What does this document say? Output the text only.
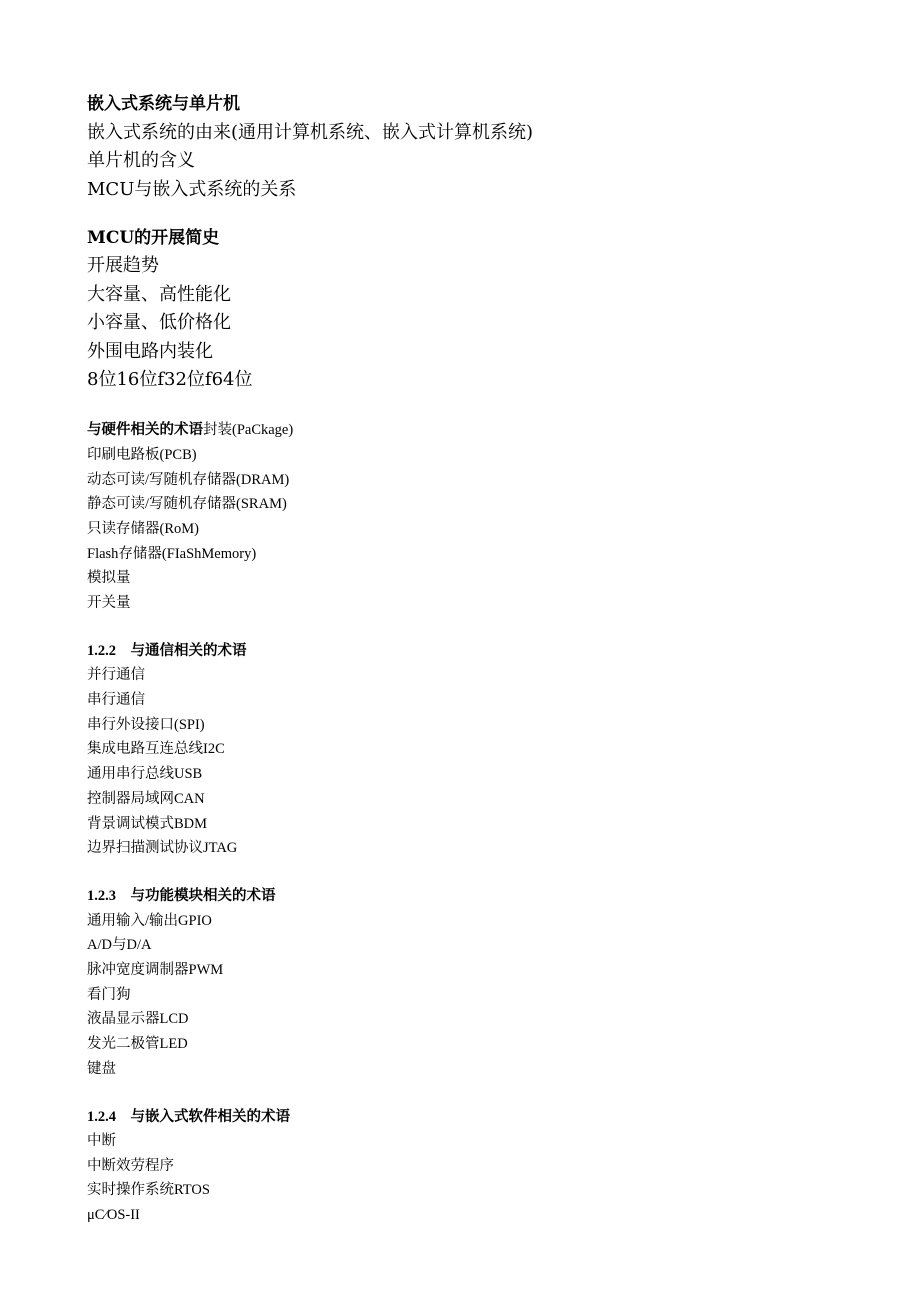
嵌入式系统与单片机

嵌入式系统的由来(通用计算机系统、嵌入式计算机系统)

单片机的含义

MCU与嵌入式系统的关系

MCU的开展简史

开展趋势

大容量、高性能化

小容量、低价格化

外围电路内装化

8位16位f32位f64位

与硬件相关的术语封装(PaCkage)

印刷电路板(PCB)

动态可读/写随机存储器(DRAM)

静态可读/写随机存储器(SRAM)

只读存储器(RoM)

Flash存储器(FIaShMemory)

模拟量

开关量

1.2.2　与通信相关的术语

并行通信

串行通信

串行外设接口(SPI)

集成电路互连总线I2C

通用串行总线USB

控制器局域网CAN

背景调试模式BDM

边界扫描测试协议JTAG

1.2.3　与功能模块相关的术语

通用输入/输出GPIO

A/D与D/A

脉冲宽度调制器PWM

看门狗

液晶显示器LCD

发光二极管LED

键盘

1.2.4　与嵌入式软件相关的术语

中断

中断效劳程序

实时操作系统RTOS

μC∕OS-II
